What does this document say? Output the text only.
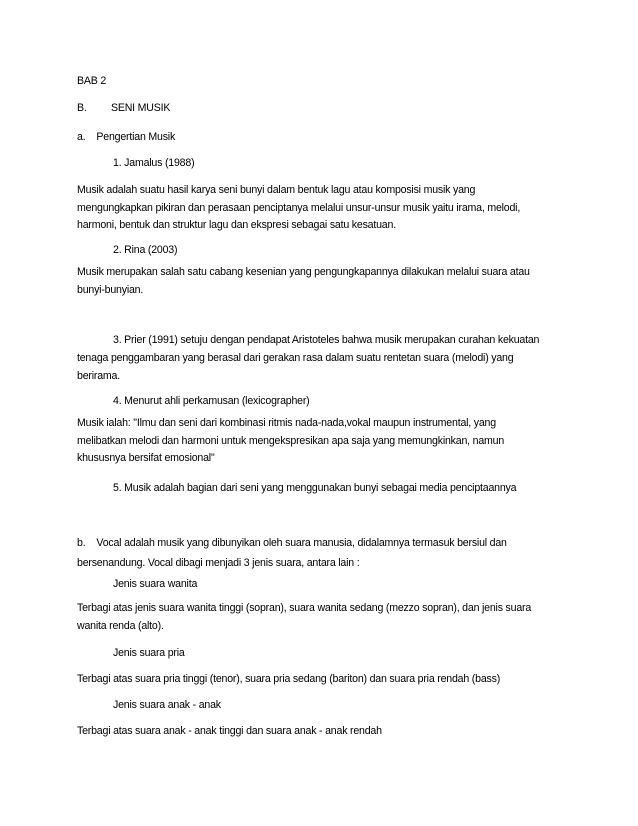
BAB 2
B. SENI MUSIK
a.    Pengertian Musik
1. Jamalus (1988)
Musik adalah suatu hasil karya seni bunyi dalam bentuk lagu atau komposisi musik yang
mengungkapkan pikiran dan perasaan penciptanya melalui unsur-unsur musik yaitu irama, melodi,
harmoni, bentuk dan struktur lagu dan ekspresi sebagai satu kesatuan.
2. Rina (2003)
Musik merupakan salah satu cabang kesenian yang pengungkapannya dilakukan melalui suara atau
bunyi-bunyian.
3. Prier (1991) setuju dengan pendapat Aristoteles bahwa musik merupakan curahan kekuatan
tenaga penggambaran yang berasal dari gerakan rasa dalam suatu rentetan suara (melodi) yang
berirama.
4. Menurut ahli perkamusan (lexicographer)
Musik ialah: "Ilmu dan seni dari kombinasi ritmis nada-nada,vokal maupun instrumental, yang
melibatkan melodi dan harmoni untuk mengekspresikan apa saja yang memungkinkan, namun
khususnya bersifat emosional"
5. Musik adalah bagian dari seni yang menggunakan bunyi sebagai media penciptaannya
b.    Vocal adalah musik yang dibunyikan oleh suara manusia, didalamnya termasuk bersiul dan
bersenandung. Vocal dibagi menjadi 3 jenis suara, antara lain :
Jenis suara wanita
Terbagi atas jenis suara wanita tinggi (sopran), suara wanita sedang (mezzo sopran), dan jenis suara
wanita renda (alto).
Jenis suara pria
Terbagi atas suara pria tinggi (tenor), suara pria sedang (bariton) dan suara pria rendah (bass)
Jenis suara anak - anak
Terbagi atas suara anak - anak tinggi dan suara anak - anak rendah
